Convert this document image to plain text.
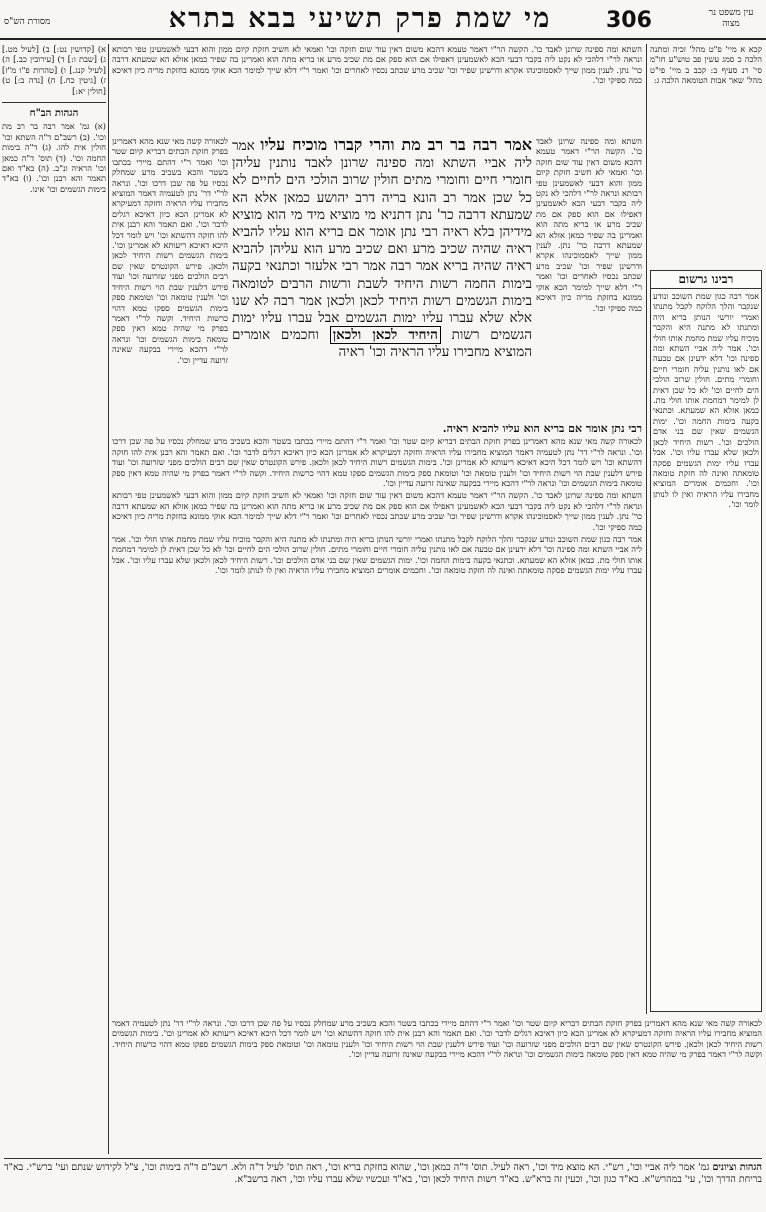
מסורת הש"ס	מי שמת פרק תשיעי בבא בתרא	306	עין משפט נר מצוה

א) [קדושין נט:] ב) [לעיל מט.] ג) [שבת ו:] ד) [עירובין כב.] ה) [לעיל קנג.] ו) [טהרות פ"ו מ"ז] ז) [גיטין כח.] ח) [נדה ב:] ט) [חולין יא:]

הגהות הב"ח

(א) גמ' אמר רבה בר רב מת וכו'. (ב) רשב"ם ד"ה השתא וכו' חולין אית להו. (ג) ד"ה בימות החמה וכו'. (ד) תוס' ד"ה כמאן וכו' הראיה ונ"ב. (ה) בא"ד ואם תאמר והא רבנן וכו'. (ו) בא"ד בימות הגשמים וכו' אינו.

השתא ומה ספינה שרונן לאבד כו'. הקשה הר"י דאמר טעמא דהכא משום דאין עוד שום חזקה וכו' ואמאי לא חשיב חזקת קיום ממון והוא דבעי לאשמעינן טפי רבותא ונראה לר"י דלהכי לא נקט ליה בקבר דבעי הכא לאשמעינן דאפילו אם הוא ספק אם מת שכיב מרע או בריא מתה הוא ואמרינן בה שפיר כמאן אזלא הא שמעתא דרבה כר' נתן. לענין ממון שייך לאסמוכינהו אקרא ודרשינן שפיר וכו' שכיב מרע שכתב נכסיו לאחרים וכו' ואמר ר"י דלא שייך למימר הכא אוקי ממונא בחזקת מריה כיון דאיכא כמה ספיקי וכו'.

אמר רבה בר רב מת והרי קברו מוכיח עליו אמר ליה אביי השתא ומה ספינה שרונן לאבד נותנין עליהן חומרי חיים וחומרי מתים חולין שרוב הולכי הים לחיים לא כל שכן אמר רב הונא בריה דרב יהושע כמאן אלא הא שמעתא דרבה כר' נתן דתניא מי מוציא מיד מי הוא מוציא מידיהן בלא ראיה רבי נתן אומר אם בריא הוא עליו להביא ראיה שהיה שכיב מרע ואם שכיב מרע הוא עליהן להביא ראיה שהיה בריא אמר רבה אמר רבי אלעזר וכתנאי בקעה בימות החמה רשות היחיד לשבת ורשות הרבים לטומאה בימות הגשמים רשות היחיד לכאן ולכאן אמר רבה לא שנו אלא שלא עברו עליו ימות הגשמים אבל עברו עליו ימות הגשמים רשות היחיד לכאן ולכאן וחכמים אומרים המוציא מחבירו עליו הראיה וכו' ראיה

לכאורה קשה מאי שנא מהא דאמרינן בפרק חזקת הבתים דבריא קיום שטר וכו' ואמר ר"י דהתם מיירי בכתבו בשטר והכא בשכיב מרע שמחלק נכסיו על פה שכן דרכו וכו'. ונראה לר"י דר' נתן לטעמיה דאמר המוציא מחבירו עליו הראיה וחזקה דמעיקרא לא אמרינן הכא כיון דאיכא רגלים לדבר וכו'. ואם תאמר והא רבנן אית להו חזקה דהשתא וכו' ויש לומר דכל היכא דאיכא ריעותא לא אמרינן וכו'. בימות הגשמים רשות היחיד לכאן ולכאן. פירש הקונטרס שאין שם רבים הולכים מפני שזרועה וכו' ועוד פירש דלענין שבת הוי רשות היחיד וכו' ולענין טומאה וכו' וטומאת ספק בימות הגשמים ספקו טמא דהוי כרשות היחיד. וקשה לר"י דאמר בפרק מי שהיה טמא דאין ספק טומאה בימות הגשמים וכו' ונראה לר"י דהכא מיירי בבקעה שאינה זרועה עדיין וכו'.

השתא ומה ספינה שרונן לאבד כו'. הקשה הר"י דאמר טעמא דהכא משום דאין עוד שום חזקה וכו' ואמאי לא חשיב חזקת קיום ממון והוא דבעי לאשמעינן טפי רבותא ונראה לר"י דלהכי לא נקט ליה בקבר דבעי הכא לאשמעינן דאפילו אם הוא ספק אם מת שכיב מרע או בריא מתה הוא ואמרינן בה שפיר כמאן אזלא הא שמעתא דרבה כר' נתן. לענין ממון שייך לאסמוכינהו אקרא ודרשינן שפיר וכו' שכיב מרע שכתב נכסיו לאחרים וכו' ואמר ר"י דלא שייך למימר הכא אוקי ממונא בחזקת מריה כיון דאיכא כמה ספיקי וכו'.

רבי נתן אומר אם בריא הוא עליו להביא ראיה.

לכאורה קשה מאי שנא מהא דאמרינן בפרק חזקת הבתים דבריא קיום שטר וכו' ואמר ר"י דהתם מיירי בכתבו בשטר והכא בשכיב מרע שמחלק נכסיו על פה שכן דרכו וכו'. ונראה לר"י דר' נתן לטעמיה דאמר המוציא מחבירו עליו הראיה וחזקה דמעיקרא לא אמרינן הכא כיון דאיכא רגלים לדבר וכו'. ואם תאמר והא רבנן אית להו חזקה דהשתא וכו' ויש לומר דכל היכא דאיכא ריעותא לא אמרינן וכו'. בימות הגשמים רשות היחיד לכאן ולכאן. פירש הקונטרס שאין שם רבים הולכים מפני שזרועה וכו' ועוד פירש דלענין שבת הוי רשות היחיד וכו' ולענין טומאה וכו' וטומאת ספק בימות הגשמים ספקו טמא דהוי כרשות היחיד. וקשה לר"י דאמר בפרק מי שהיה טמא דאין ספק טומאה בימות הגשמים וכו' ונראה לר"י דהכא מיירי בבקעה שאינה זרועה עדיין וכו'.

השתא ומה ספינה שרונן לאבד כו'. הקשה הר"י דאמר טעמא דהכא משום דאין עוד שום חזקה וכו' ואמאי לא חשיב חזקת קיום ממון והוא דבעי לאשמעינן טפי רבותא ונראה לר"י דלהכי לא נקט ליה בקבר דבעי הכא לאשמעינן דאפילו אם הוא ספק אם מת שכיב מרע או בריא מתה הוא ואמרינן בה שפיר כמאן אזלא הא שמעתא דרבה כר' נתן. לענין ממון שייך לאסמוכינהו אקרא ודרשינן שפיר וכו' שכיב מרע שכתב נכסיו לאחרים וכו' ואמר ר"י דלא שייך למימר הכא אוקי ממונא בחזקת מריה כיון דאיכא כמה ספיקי וכו'.

אמר רבה כגון שמת השוכב ונודע שנקבר והלך הלוקח לקבל מתנתו ואמרי יורשי הנותן בריא היה ומתנתו לא מתנה היא והקבר מוכיח עליו שמת מחמת אותו חולי וכו'. אמר ליה אביי השתא ומה ספינה וכו' דלא ידעינן אם טבעה אם לאו נותנין עליה חומרי חיים וחומרי מתים. חולין שרוב הולכי הים לחיים וכו' לא כל שכן דאית לן למימר דמחמת אותו חולי מת. כמאן אזלא הא שמעתא. וכתנאי בקעה בימות החמה וכו'. ימות הגשמים שאין שם בני אדם הולכים וכו'. רשות היחיד לכאן ולכאן שלא עברו עליו וכו'. אבל עברו עליו ימות הגשמים פסקה טומאתה ואינה לה חזקת טומאה וכו'. וחכמים אומרים המוציא מחבירו עליו הראיה ואין לו לנותן לומר וכו'.

לכאורה קשה מאי שנא מהא דאמרינן בפרק חזקת הבתים דבריא קיום שטר וכו' ואמר ר"י דהתם מיירי בכתבו בשטר והכא בשכיב מרע שמחלק נכסיו על פה שכן דרכו וכו'. ונראה לר"י דר' נתן לטעמיה דאמר המוציא מחבירו עליו הראיה וחזקה דמעיקרא לא אמרינן הכא כיון דאיכא רגלים לדבר וכו'. ואם תאמר והא רבנן אית להו חזקה דהשתא וכו' ויש לומר דכל היכא דאיכא ריעותא לא אמרינן וכו'. בימות הגשמים רשות היחיד לכאן ולכאן. פירש הקונטרס שאין שם רבים הולכים מפני שזרועה וכו' ועוד פירש דלענין שבת הוי רשות היחיד וכו' ולענין טומאה וכו' וטומאת ספק בימות הגשמים ספקו טמא דהוי כרשות היחיד. וקשה לר"י דאמר בפרק מי שהיה טמא דאין ספק טומאה בימות הגשמים וכו' ונראה לר"י דהכא מיירי בבקעה שאינה זרועה עדיין וכו'.

קכא א מיי' פ"ט מהל' זכיה ומתנה הלכה כ סמג עשין פב טוש"ע חו"מ סי' רנ סעיף ב: קכב ב מיי' פי"ט מהל' שאר אבות הטומאה הלכה ג:

רבינו גרשום
אמר רבה כגון שמת השוכב ונודע שנקבר והלך הלוקח לקבל מתנתו ואמרי יורשי הנותן בריא היה ומתנתו לא מתנה היא והקבר מוכיח עליו שמת מחמת אותו חולי וכו'. אמר ליה אביי השתא ומה ספינה וכו' דלא ידעינן אם טבעה אם לאו נותנין עליה חומרי חיים וחומרי מתים. חולין שרוב הולכי הים לחיים וכו' לא כל שכן דאית לן למימר דמחמת אותו חולי מת. כמאן אזלא הא שמעתא. וכתנאי בקעה בימות החמה וכו'. ימות הגשמים שאין שם בני אדם הולכים וכו'. רשות היחיד לכאן ולכאן שלא עברו עליו וכו'. אבל עברו עליו ימות הגשמים פסקה טומאתה ואינה לה חזקת טומאה וכו'. וחכמים אומרים המוציא מחבירו עליו הראיה ואין לו לנותן לומר וכו'.
הגהות וציונים גמ' אמר ליה אביי וכו', רש"י. הא מוצא מיד וכו', ראה לעיל. תוס' ד"ה כמאן וכו', שהוא בחזקת בריא וכו', ראה תוס' לעיל ד"ה ולא. רשב"ם ד"ה בימות וכו', צ"ל לקידוש שנתם ועי' ברש"י. בא"ד בריחת הדרך וכו', עי' במהרש"א. בא"ד כגון וכו', וכעין זה ברא"ש. בא"ד רשות היחיד לכאן וכו', בא"ד ועכשיו שלא עברו עליו וכו', ראה ברשב"א.
